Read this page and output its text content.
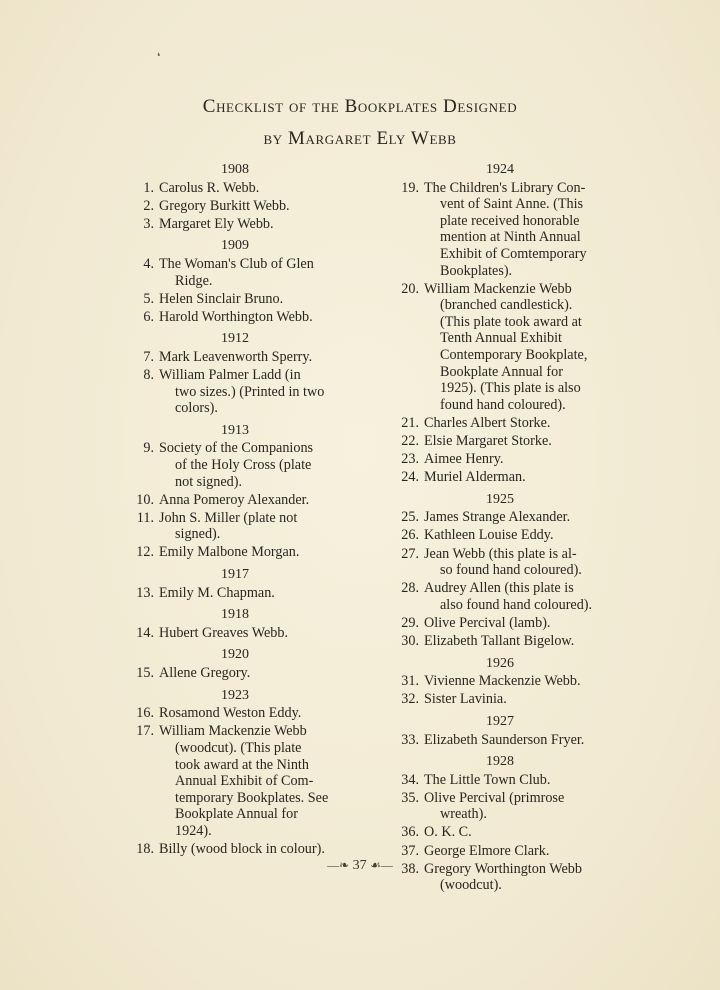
❛
Checklist of the Bookplates Designed
by Margaret Ely Webb
1908
1. Carolus R. Webb.
2. Gregory Burkitt Webb.
3. Margaret Ely Webb.
1909
4. The Woman's Club of Glen
Ridge.
5. Helen Sinclair Bruno.
6. Harold Worthington Webb.
1912
7. Mark Leavenworth Sperry.
8. William Palmer Ladd (in
two sizes.) (Printed in two
colors).
1913
9. Society of the Companions
of the Holy Cross (plate
not signed).
10. Anna Pomeroy Alexander.
11. John S. Miller (plate not
signed).
12. Emily Malbone Morgan.
1917
13. Emily M. Chapman.
1918
14. Hubert Greaves Webb.
1920
15. Allene Gregory.
1923
16. Rosamond Weston Eddy.
17. William Mackenzie Webb
(woodcut). (This plate
took award at the Ninth
Annual Exhibit of Com-
temporary Bookplates. See
Bookplate Annual for
1924).
18. Billy (wood block in colour).
1924
19. The Children's Library Con-
vent of Saint Anne. (This
plate received honorable
mention at Ninth Annual
Exhibit of Comtemporary
Bookplates).
20. William Mackenzie Webb
(branched candlestick).
(This plate took award at
Tenth Annual Exhibit
Contemporary Bookplate,
Bookplate Annual for
1925). (This plate is also
found hand coloured).
21. Charles Albert Storke.
22. Elsie Margaret Storke.
23. Aimee Henry.
24. Muriel Alderman.
1925
25. James Strange Alexander.
26. Kathleen Louise Eddy.
27. Jean Webb (this plate is al-
so found hand coloured).
28. Audrey Allen (this plate is
also found hand coloured).
29. Olive Percival (lamb).
30. Elizabeth Tallant Bigelow.
1926
31. Vivienne Mackenzie Webb.
32. Sister Lavinia.
1927
33. Elizabeth Saunderson Fryer.
1928
34. The Little Town Club.
35. Olive Percival (primrose
wreath).
36. O. K. C.
37. George Elmore Clark.
38. Gregory Worthington Webb
(woodcut).
—❧ 37 ☙—
